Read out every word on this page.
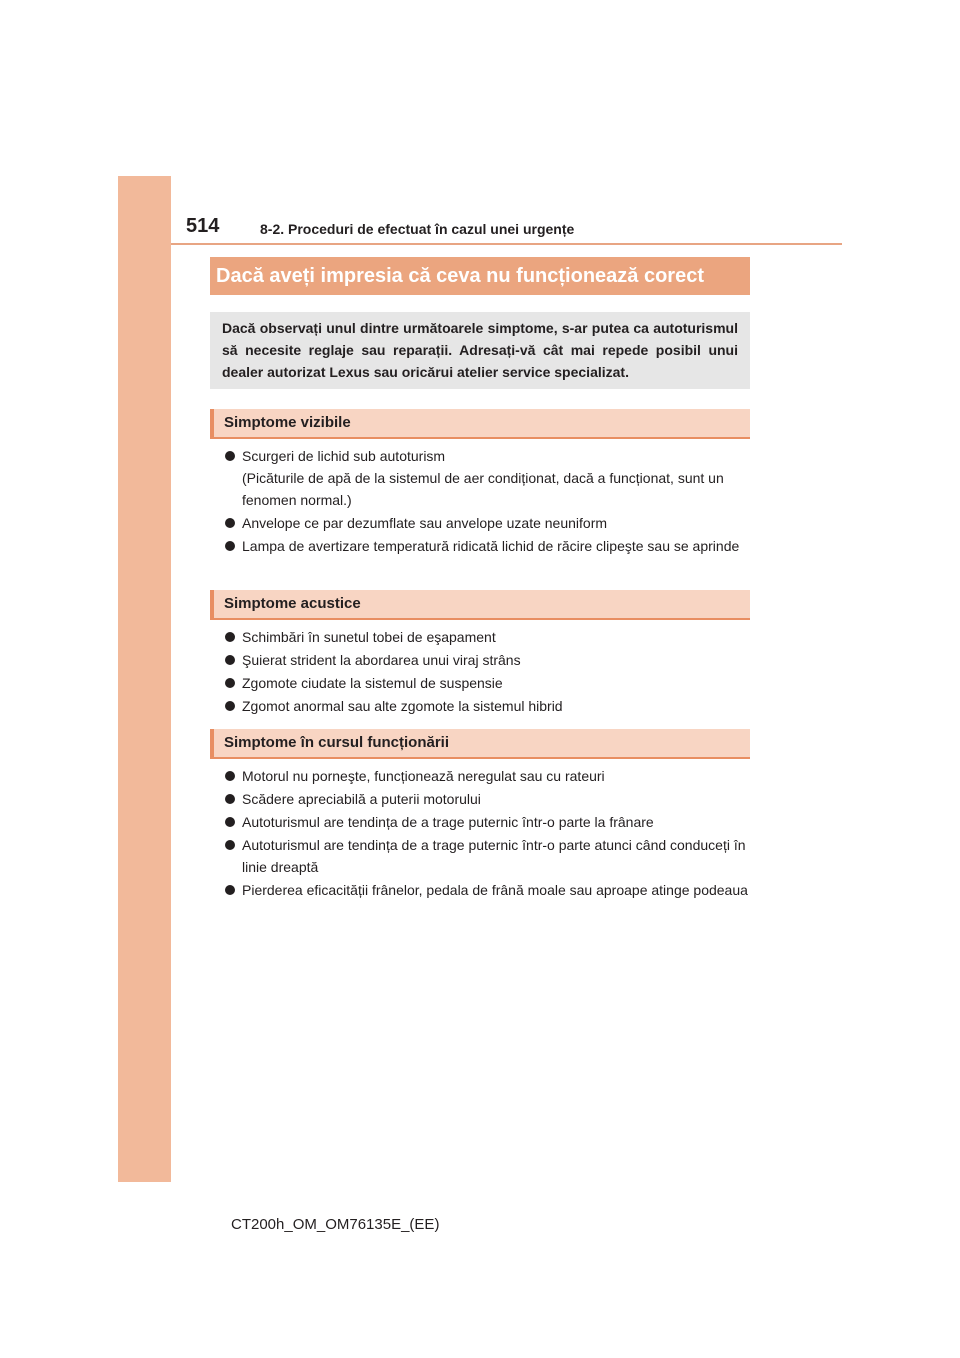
514	8-2. Proceduri de efectuat în cazul unei urgențe
Dacă aveți impresia că ceva nu funcționează corect
Dacă observați unul dintre următoarele simptome, s-ar putea ca autoturismul să necesite reglaje sau reparații. Adresați-vă cât mai repede posibil unui dealer autorizat Lexus sau oricărui atelier service specializat.
Simptome vizibile
Scurgeri de lichid sub autoturism
(Picăturile de apă de la sistemul de aer condiționat, dacă a funcționat, sunt un fenomen normal.)
Anvelope ce par dezumflate sau anvelope uzate neuniform
Lampa de avertizare temperatură ridicată lichid de răcire clipeşte sau se aprinde
Simptome acustice
Schimbări în sunetul tobei de eşapament
Şuierat strident la abordarea unui viraj strâns
Zgomote ciudate la sistemul de suspensie
Zgomot anormal sau alte zgomote la sistemul hibrid
Simptome în cursul funcționării
Motorul nu porneşte, funcționează neregulat sau cu rateuri
Scădere apreciabilă a puterii motorului
Autoturismul are tendința de a trage puternic într-o parte la frânare
Autoturismul are tendința de a trage puternic într-o parte atunci când conduceți în linie dreaptă
Pierderea eficacității frânelor, pedala de frână moale sau aproape atinge podeaua
CT200h_OM_OM76135E_(EE)
